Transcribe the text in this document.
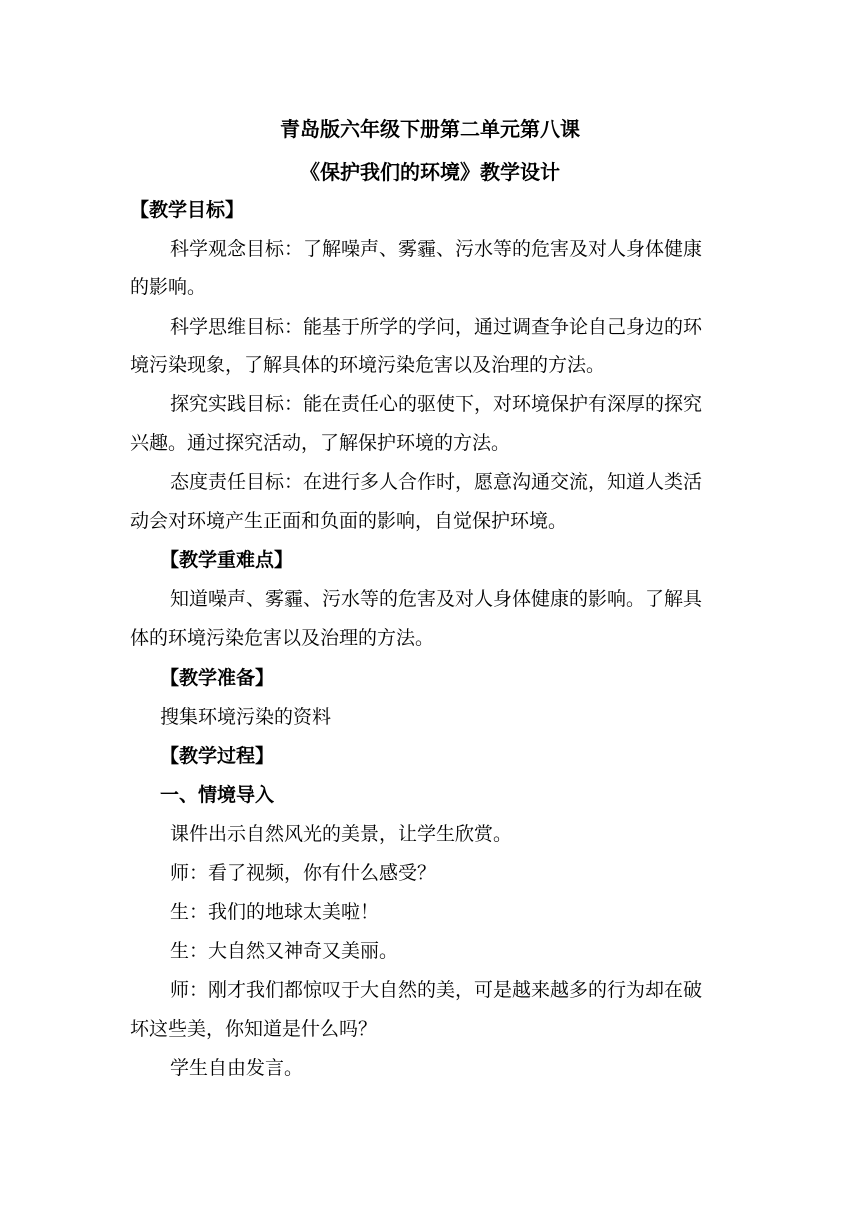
青岛版六年级下册第二单元第八课
《保护我们的环境》教学设计
【教学目标】
科学观念目标：了解噪声、雾霾、污水等的危害及对人身体健康
的影响。
科学思维目标：能基于所学的学问，通过调查争论自己身边的环
境污染现象，了解具体的环境污染危害以及治理的方法。
探究实践目标：能在责任心的驱使下，对环境保护有深厚的探究
兴趣。通过探究活动，了解保护环境的方法。
态度责任目标：在进行多人合作时，愿意沟通交流，知道人类活
动会对环境产生正面和负面的影响，自觉保护环境。
【教学重难点】
知道噪声、雾霾、污水等的危害及对人身体健康的影响。了解具
体的环境污染危害以及治理的方法。
【教学准备】
搜集环境污染的资料
【教学过程】
一、情境导入
课件出示自然风光的美景，让学生欣赏。
师：看了视频，你有什么感受？
生：我们的地球太美啦！
生：大自然又神奇又美丽。
师：刚才我们都惊叹于大自然的美，可是越来越多的行为却在破
坏这些美，你知道是什么吗？
学生自由发言。
